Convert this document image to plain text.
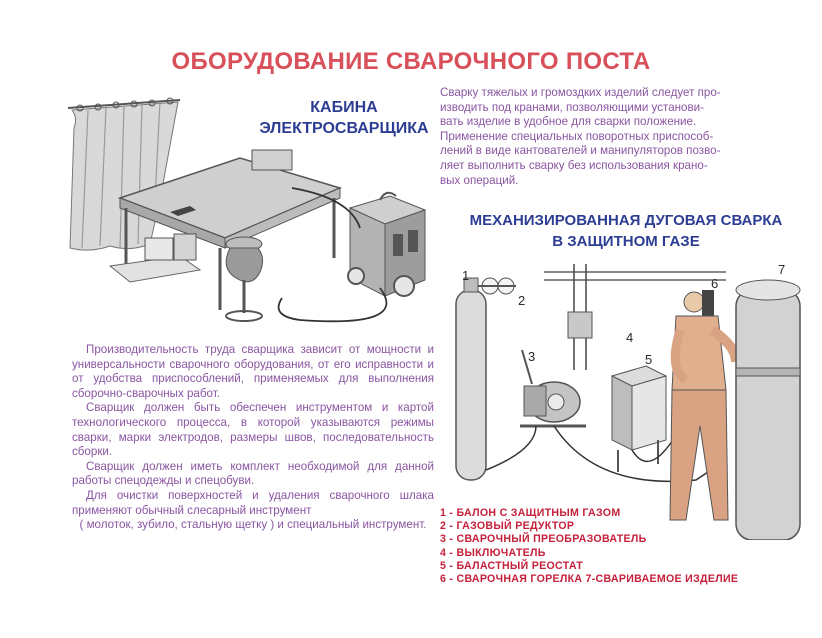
ОБОРУДОВАНИЕ СВАРОЧНОГО ПОСТА
КАБИНА
ЭЛЕКТРОСВАРЩИКА
МЕХАНИЗИРОВАННАЯ ДУГОВАЯ СВАРКА
В ЗАЩИТНОМ ГАЗЕ
Сварку тяжелых и громоздких изделий следует про-
изводить под кранами, позволяющими установи-
вать изделие в удобное для сварки положение.
Применение специальных поворотных приспособ-
лений в виде кантователей и манипуляторов позво-
ляет выполнить сварку без использования крано-
вых операций.

Производительность труда сварщика зависит от мощности и универсальности сварочного оборудования, от его исправности и от удобства приспособлений, применяемых для выполнения сборочно-сварочных работ.

Сварщик должен быть обеспечен инструментом и картой технологического процесса, в которой указываются режимы сварки, марки электродов, размеры швов, последовательность сборки.

Сварщик должен иметь комплект необходимой для данной работы спецодежды и спецобуви.

Для очистки поверхностей и удаления сварочного шлака применяют обычный слесарный инструмент

( молоток, зубило, стальную щетку ) и специальный инструмент.

1 - БАЛОН С ЗАЩИТНЫМ ГАЗОМ
2 - ГАЗОВЫЙ РЕДУКТОР
3 - СВАРОЧНЫЙ ПРЕОБРАЗОВАТЕЛЬ
4 - ВЫКЛЮЧАТЕЛЬ
5 - БАЛАСТНЫЙ РЕОСТАТ
6 - СВАРОЧНАЯ ГОРЕЛКА 7-СВАРИВАЕМОЕ ИЗДЕЛИЕ
1
2
3
4
5
6
7
